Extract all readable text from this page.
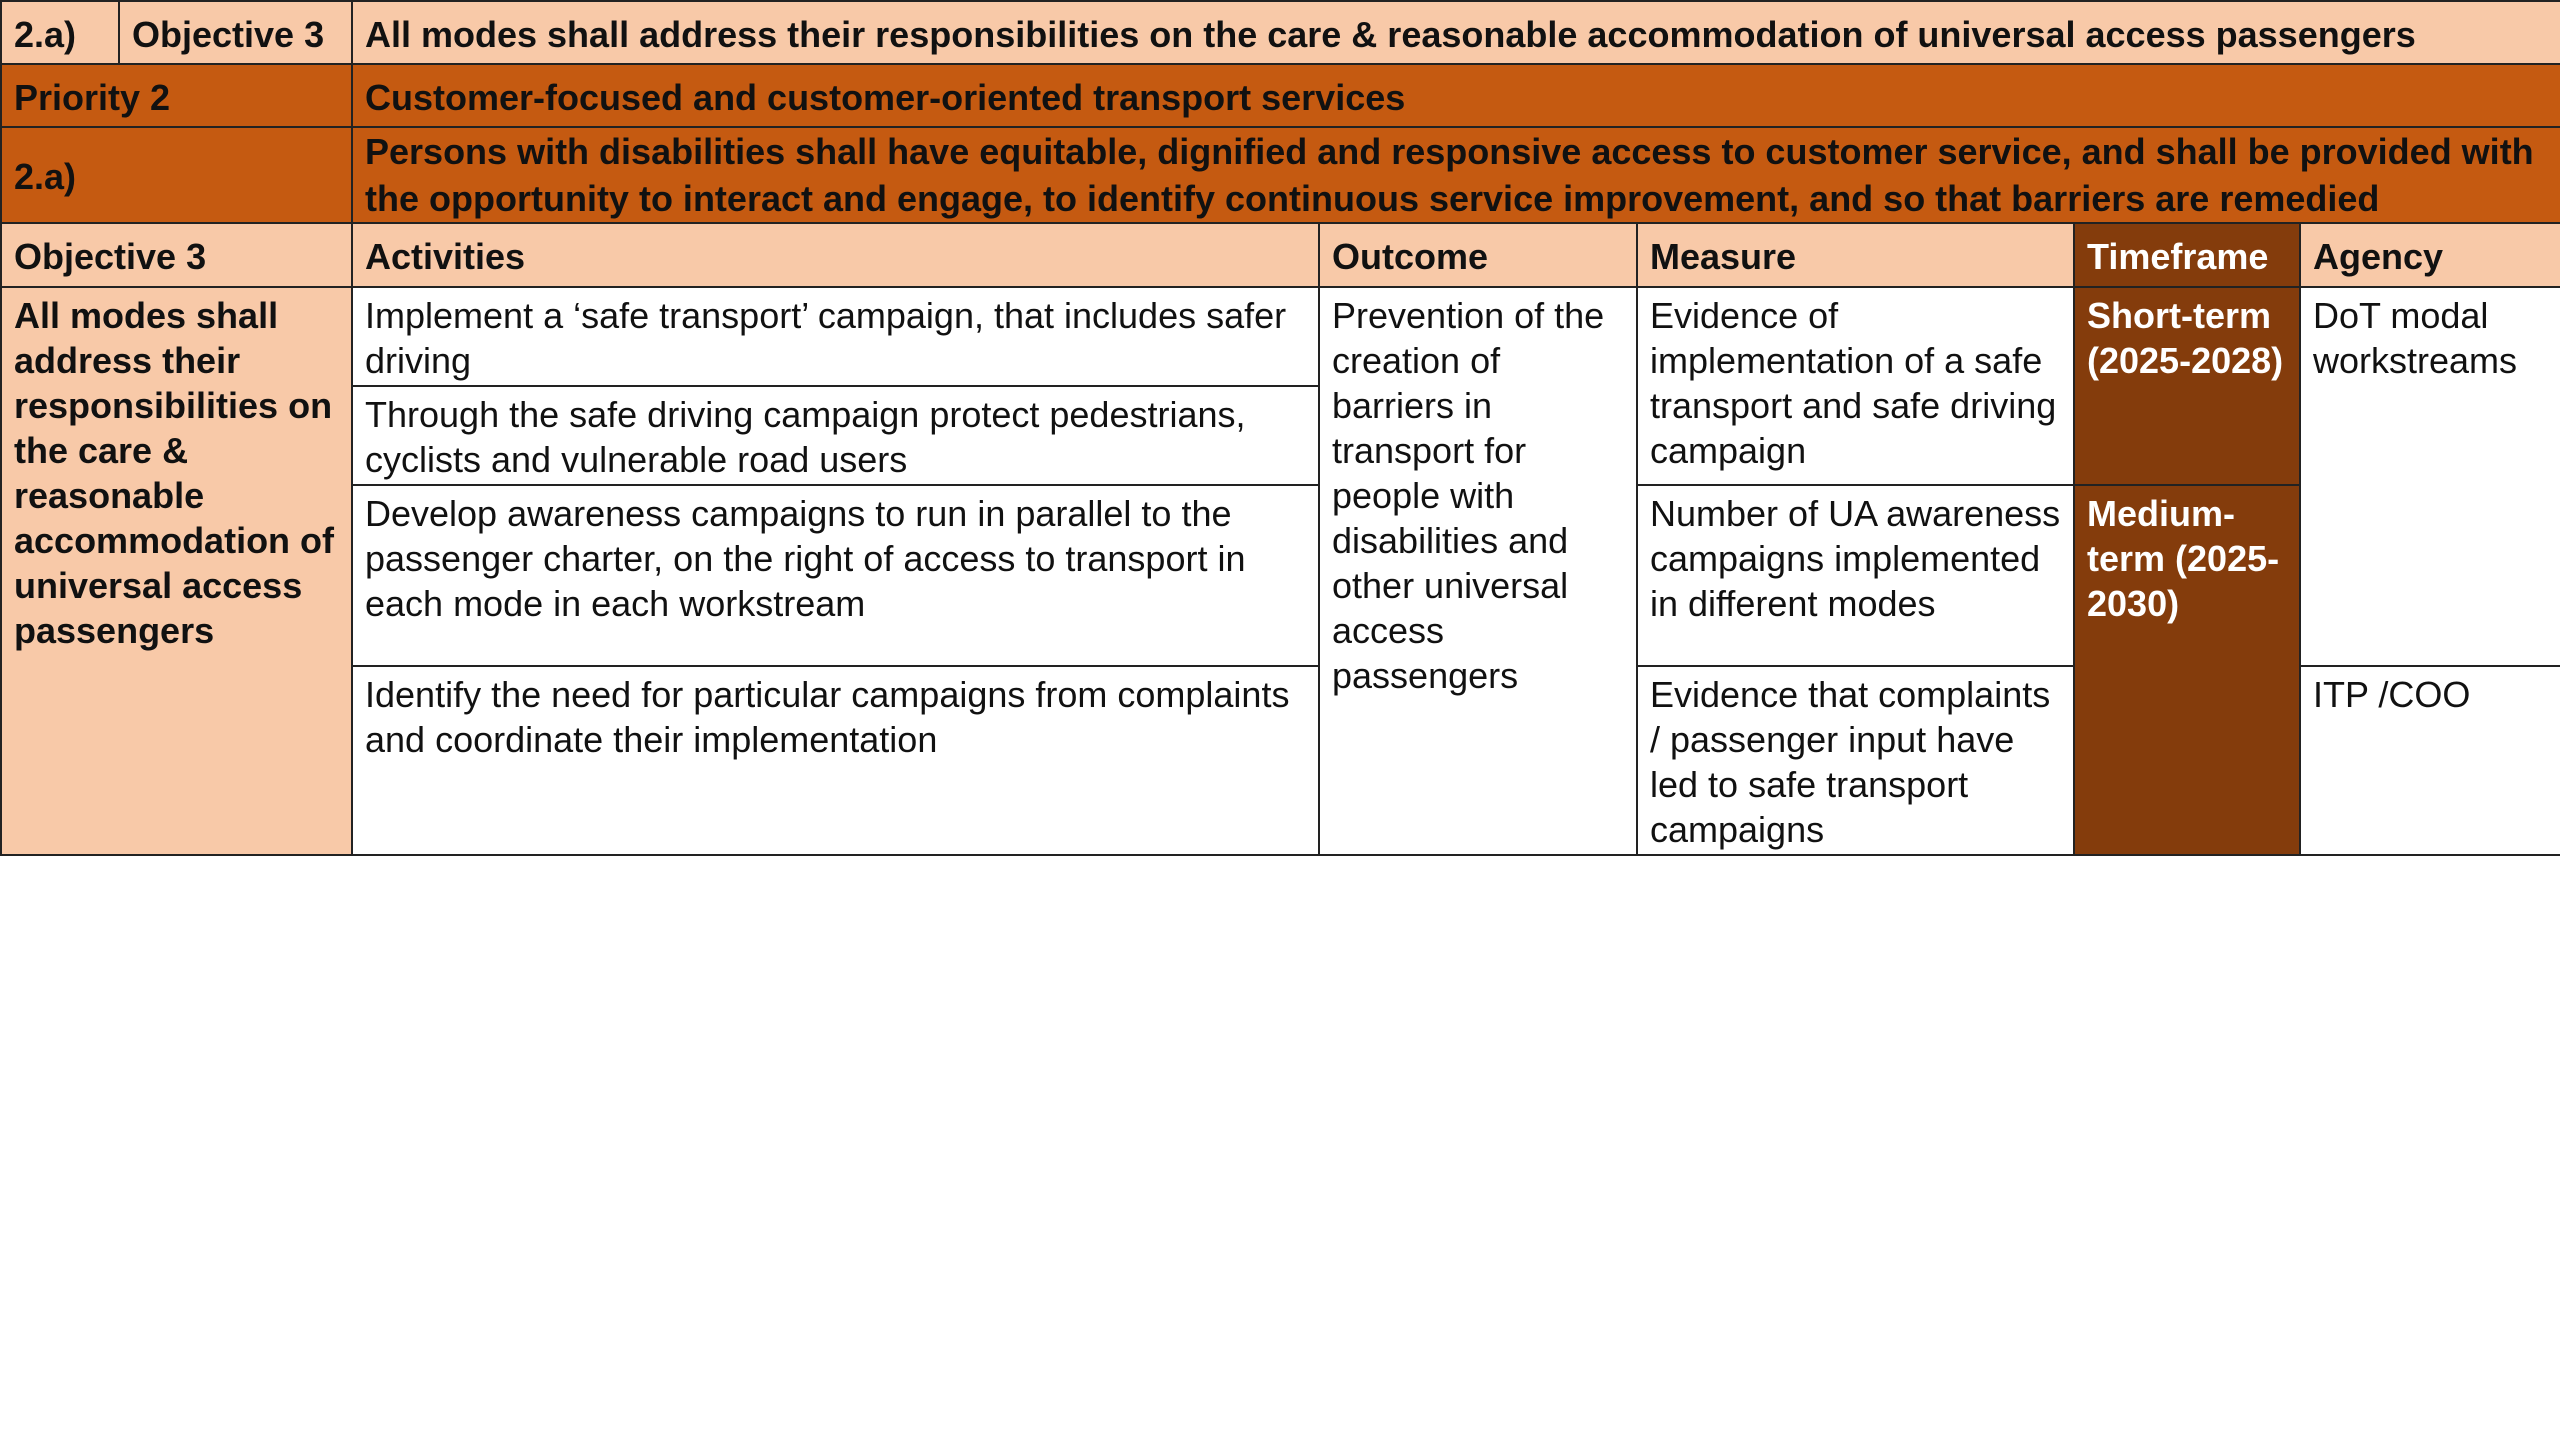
2.a)	Objective 3	All modes shall address their responsibilities on the care & reasonable accommodation of universal access passengers				
Priority 2		Customer-focused and customer-oriented transport services				
2.a)		Persons with disabilities shall have equitable, dignified and responsive access to customer service, and shall be provided with the opportunity to interact and engage, to identify continuous service improvement, and so that barriers are remedied				
Objective 3		Activities	Outcome	Measure	Timeframe	Agency
All modes shall address their responsibilities on the care & reasonable accommodation of universal access passengers		Implement a ‘safe transport’ campaign, that includes safer driving	Prevention of the creation of barriers in transport for people with disabilities and other universal access passengers	Evidence of implementation of a safe transport and safe driving campaign	Short-term (2025-2028)	DoT modal workstreams
		Through the safe driving campaign protect pedestrians, cyclists and vulnerable road users				
		Develop awareness campaigns to run in parallel to the passenger charter, on the right of access to transport in each mode in each workstream		Number of UA awareness campaigns implemented in different modes	Medium-term (2025-2030)	
		Identify the need for particular campaigns from complaints and coordinate their implementation		Evidence that complaints / passenger input have led to safe transport campaigns		ITP /COO
